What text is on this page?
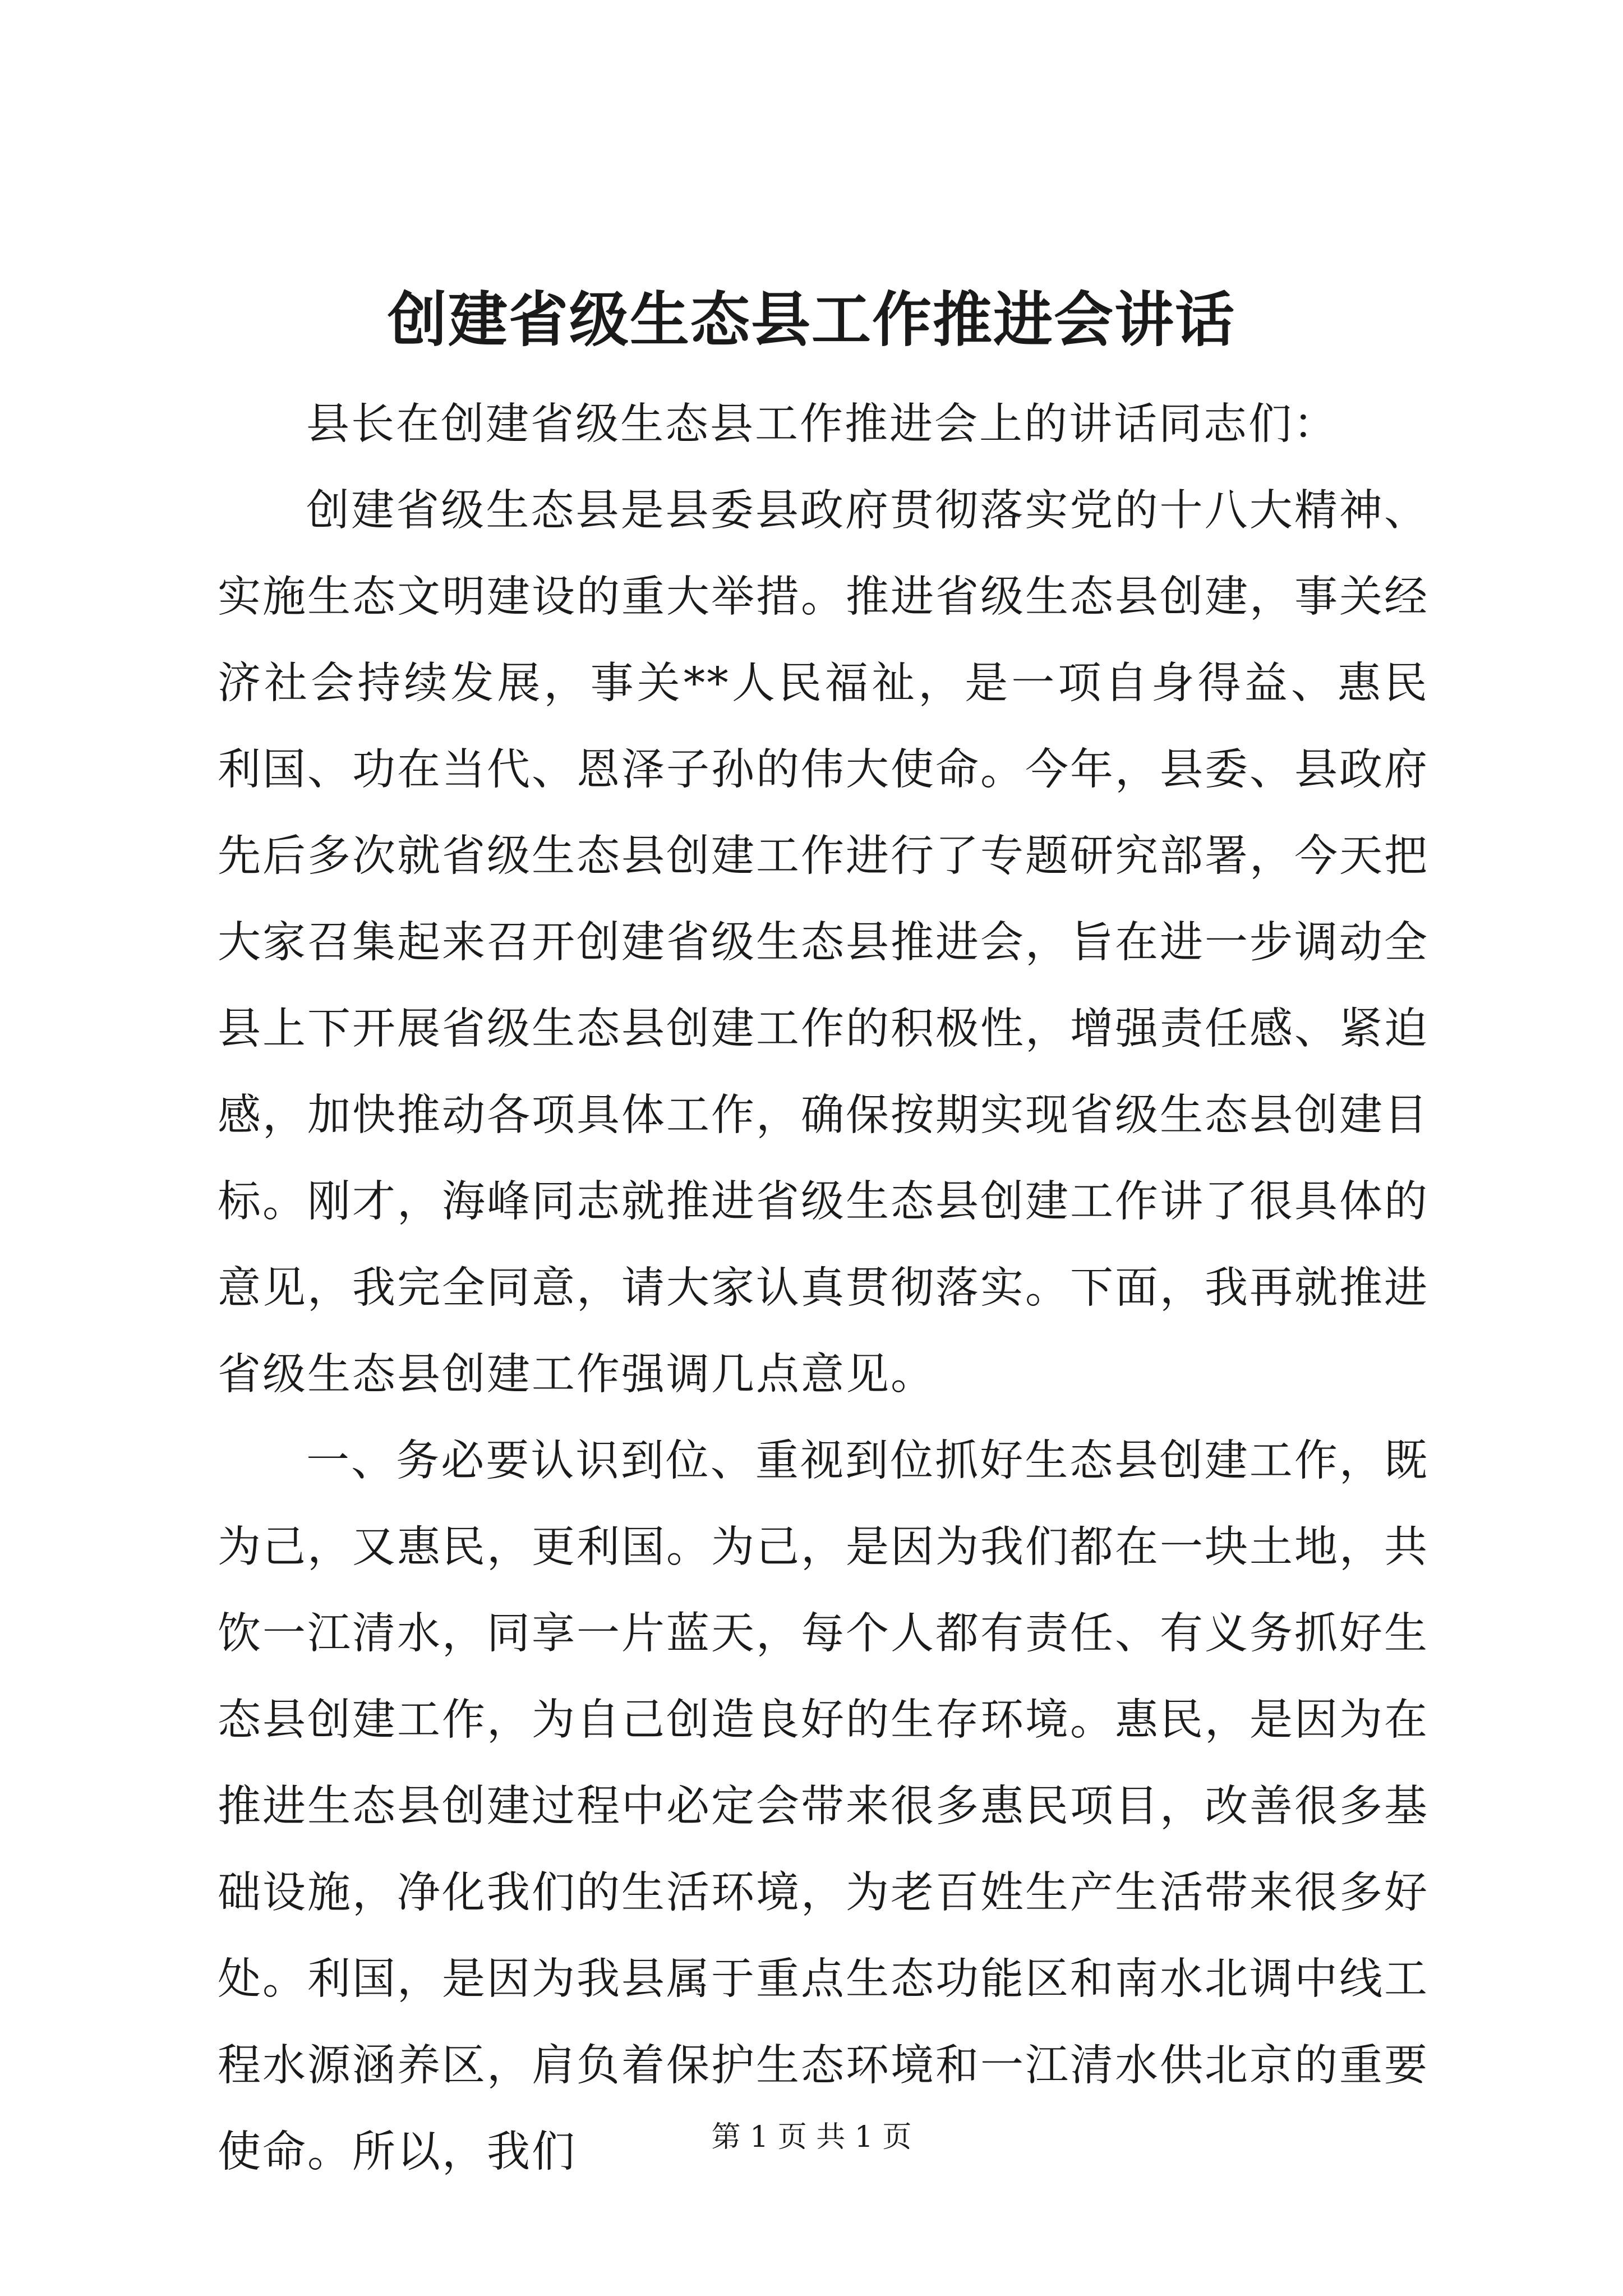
创建省级生态县工作推进会讲话

县长在创建省级生态县工作推进会上的讲话同志们：

创建省级生态县是县委县政府贯彻落实党的十八大精神、实施生态文明建设的重大举措。推进省级生态县创建，事关经济社会持续发展，事关**人民福祉，是一项自身得益、惠民利国、功在当代、恩泽子孙的伟大使命。今年，县委、县政府先后多次就省级生态县创建工作进行了专题研究部署，今天把大家召集起来召开创建省级生态县推进会，旨在进一步调动全县上下开展省级生态县创建工作的积极性，增强责任感、紧迫感，加快推动各项具体工作，确保按期实现省级生态县创建目标。刚才，海峰同志就推进省级生态县创建工作讲了很具体的意见，我完全同意，请大家认真贯彻落实。下面，我再就推进省级生态县创建工作强调几点意见。

一、务必要认识到位、重视到位抓好生态县创建工作，既为己，又惠民，更利国。为己，是因为我们都在一块土地，共饮一江清水，同享一片蓝天，每个人都有责任、有义务抓好生态县创建工作，为自己创造良好的生存环境。惠民，是因为在推进生态县创建过程中必定会带来很多惠民项目，改善很多基础设施，净化我们的生活环境，为老百姓生产生活带来很多好处。利国，是因为我县属于重点生态功能区和南水北调中线工程水源涵养区，肩负着保护生态环境和一江清水供北京的重要使命。所以，我们	第 1 页 共 1 页
